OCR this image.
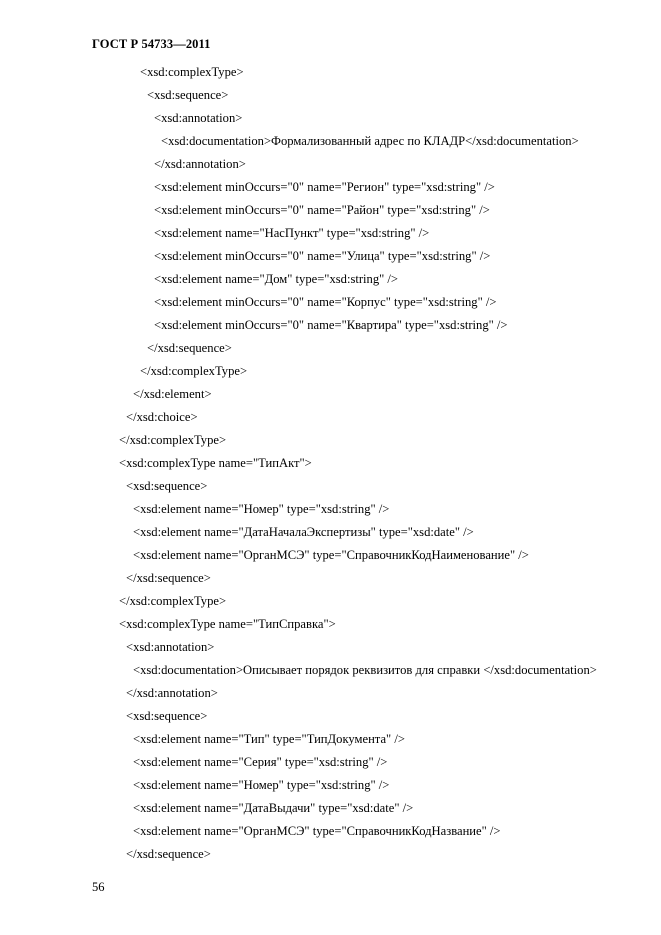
ГОСТ Р 54733—2011
<xsd:complexType>
<xsd:sequence>
<xsd:annotation>
<xsd:documentation>Формализованный адрес по КЛАДР</xsd:documentation>
</xsd:annotation>
<xsd:element minOccurs="0" name="Регион" type="xsd:string" />
<xsd:element minOccurs="0" name="Район" type="xsd:string" />
<xsd:element name="НасПункт" type="xsd:string" />
<xsd:element minOccurs="0" name="Улица" type="xsd:string" />
<xsd:element name="Дом" type="xsd:string" />
<xsd:element minOccurs="0" name="Корпус" type="xsd:string" />
<xsd:element minOccurs="0" name="Квартира" type="xsd:string" />
</xsd:sequence>
</xsd:complexType>
</xsd:element>
</xsd:choice>
</xsd:complexType>
<xsd:complexType name="ТипАкт">
<xsd:sequence>
<xsd:element name="Номер" type="xsd:string" />
<xsd:element name="ДатаНачалаЭкспертизы" type="xsd:date" />
<xsd:element name="ОрганМСЭ" type="СправочникКодНаименование" />
</xsd:sequence>
</xsd:complexType>
<xsd:complexType name="ТипСправка">
<xsd:annotation>
<xsd:documentation>Описывает порядок реквизитов для справки </xsd:documentation>
</xsd:annotation>
<xsd:sequence>
<xsd:element name="Тип" type="ТипДокумента" />
<xsd:element name="Серия" type="xsd:string" />
<xsd:element name="Номер" type="xsd:string" />
<xsd:element name="ДатаВыдачи" type="xsd:date" />
<xsd:element name="ОрганМСЭ" type="СправочникКодНазвание" />
</xsd:sequence>
56
